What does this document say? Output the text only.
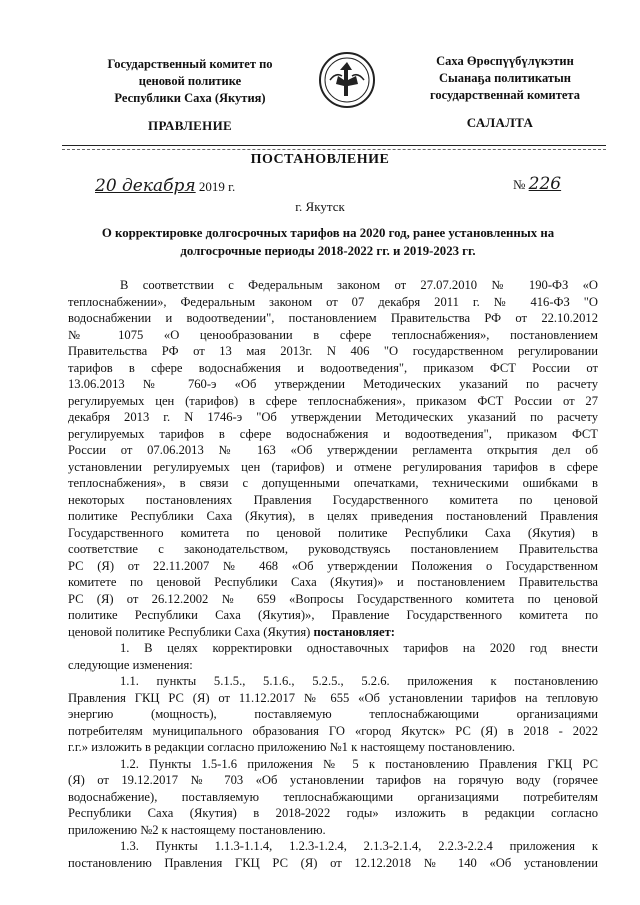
Государственный комитет по
ценовой политике
Республики Саха (Якутия)
Саха Өрөспүүбүлүкэтин
Сыанаҕа политикатын
государственнай комитета
ПРАВЛЕНИЕ	САЛАЛТА
ПОСТАНОВЛЕНИЕ
20 декабря 2019 г.	№ 226
г. Якутск
О корректировке долгосрочных тарифов на 2020 год, ранее установленных на
долгосрочные периоды 2018-2022 гг. и 2019-2023 гг.
В соответствии с Федеральным законом от 27.07.2010 № 190-ФЗ «О
теплоснабжении», Федеральным законом от 07 декабря 2011 г. № 416-ФЗ "О
водоснабжении и водоотведении", постановлением Правительства РФ от 22.10.2012
№ 1075 «О ценообразовании в сфере теплоснабжения», постановлением
Правительства РФ от 13 мая 2013г. N 406 "О государственном регулировании
тарифов в сфере водоснабжения и водоотведения", приказом ФСТ России от
13.06.2013 № 760-э «Об утверждении Методических указаний по расчету
регулируемых цен (тарифов) в сфере теплоснабжения», приказом ФСТ России от 27
декабря 2013 г. N 1746-э "Об утверждении Методических указаний по расчету
регулируемых тарифов в сфере водоснабжения и водоотведения", приказом ФСТ
России от 07.06.2013 № 163 «Об утверждении регламента открытия дел об
установлении регулируемых цен (тарифов) и отмене регулирования тарифов в сфере
теплоснабжения», в связи с допущенными опечатками, техническими ошибками в
некоторых постановлениях Правления Государственного комитета по ценовой
политике Республики Саха (Якутия), в целях приведения постановлений Правления
Государственного комитета по ценовой политике Республики Саха (Якутия) в
соответствие с законодательством, руководствуясь постановлением Правительства
РС (Я) от 22.11.2007 № 468 «Об утверждении Положения о Государственном
комитете по ценовой Республики Саха (Якутия)» и постановлением Правительства
РС (Я) от 26.12.2002 № 659 «Вопросы Государственного комитета по ценовой
политике Республики Саха (Якутия)», Правление Государственного комитета по
ценовой политике Республики Саха (Якутия) постановляет:
1. В целях корректировки одноставочных тарифов на 2020 год внести
следующие изменения:
1.1. пункты 5.1.5., 5.1.6., 5.2.5., 5.2.6. приложения к постановлению
Правления ГКЦ РС (Я) от 11.12.2017 № 655 «Об установлении тарифов на тепловую
энергию (мощность), поставляемую теплоснабжающими организациями
потребителям муниципального образования ГО «город Якутск» РС (Я) в 2018 - 2022
г.г.» изложить в редакции согласно приложению №1 к настоящему постановлению.
1.2. Пункты 1.5-1.6 приложения № 5 к постановлению Правления ГКЦ РС
(Я) от 19.12.2017 № 703 «Об установлении тарифов на горячую воду (горячее
водоснабжение), поставляемую теплоснабжающими организациями потребителям
Республики Саха (Якутия) в 2018-2022 годы» изложить в редакции согласно
приложению №2 к настоящему постановлению.
1.3. Пункты 1.1.3-1.1.4, 1.2.3-1.2.4, 2.1.3-2.1.4, 2.2.3-2.2.4 приложения к
постановлению Правления ГКЦ РС (Я) от 12.12.2018 № 140 «Об установлении
